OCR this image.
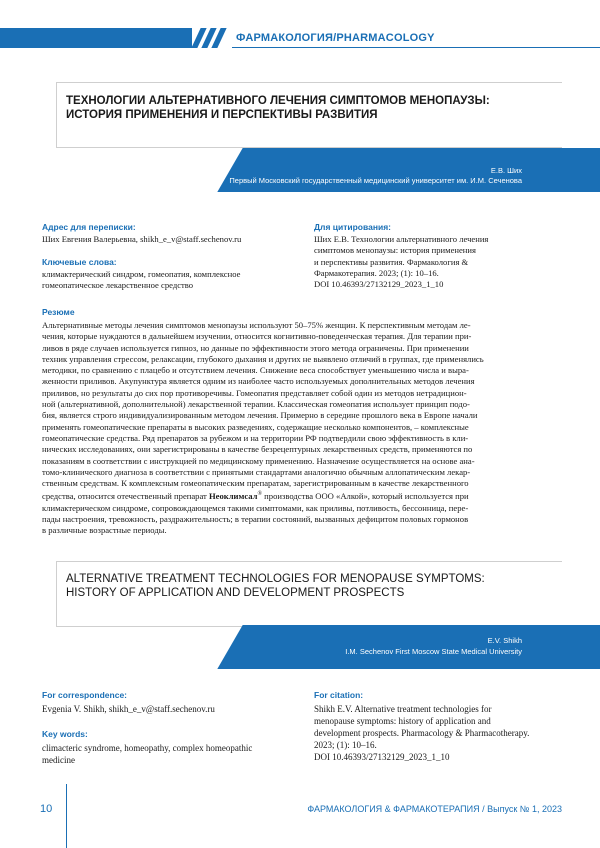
ФАРМАКОЛОГИЯ/PHARMACOLOGY
ТЕХНОЛОГИИ АЛЬТЕРНАТИВНОГО ЛЕЧЕНИЯ СИМПТОМОВ МЕНОПАУЗЫ:
ИСТОРИЯ ПРИМЕНЕНИЯ И ПЕРСПЕКТИВЫ РАЗВИТИЯ
Е.В. Ших
Первый Московский государственный медицинский университет им. И.М. Сеченова
Адрес для переписки:
Ших Евгения Валерьевна, shikh_e_v@staff.sechenov.ru
Ключевые слова:
климактерический синдром, гомеопатия, комплексное
гомеопатическое лекарственное средство
Для цитирования:
Ших Е.В. Технологии альтернативного лечения
симптомов менопаузы: история применения
и перспективы развития. Фармакология &
Фармакотерапия. 2023; (1): 10–16.
DOI 10.46393/27132129_2023_1_10
Резюме
Альтернативные методы лечения симптомов менопаузы используют 50–75% женщин. К перспективным методам ле-
чения, которые нуждаются в дальнейшем изучении, относится когнитивно-поведенческая терапия. Для терапии при-
ливов в ряде случаев используется гипноз, но данные по эффективности этого метода ограничены. При применении
техник управления стрессом, релаксации, глубокого дыхания и других не выявлено отличий в группах, где применялись
методики, по сравнению с плацебо и отсутствием лечения. Снижение веса способствует уменьшению числа и выра-
женности приливов. Акупунктура является одним из наиболее часто используемых дополнительных методов лечения
приливов, но результаты до сих пор противоречивы. Гомеопатия представляет собой один из методов нетрадицион-
ной (альтернативной, дополнительной) лекарственной терапии. Классическая гомеопатия использует принцип подо-
бия, является строго индивидуализированным методом лечения. Примерно в середине прошлого века в Европе начали
применять гомеопатические препараты в высоких разведениях, содержащие несколько компонентов, – комплексные
гомеопатические средства. Ряд препаратов за рубежом и на территории РФ подтвердили свою эффективность в кли-
нических исследованиях, они зарегистрированы в качестве безрецептурных лекарственных средств, применяются по
показаниям в соответствии с инструкцией по медицинскому применению. Назначение осуществляется на основе ана-
томо-клинического диагноза в соответствии с принятыми стандартами аналогично обычным аллопатическим лекар-
ственным средствам. К комплексным гомеопатическим препаратам, зарегистрированным в качестве лекарственного
средства, относится отечественный препарат Неоклимсал® производства ООО «Алкой», который используется при
климактерическом синдроме, сопровождающемся такими симптомами, как приливы, потливость, бессонница, пере-
пады настроения, тревожность, раздражительность; в терапии состояний, вызванных дефицитом половых гормонов
в различные возрастные периоды.
ALTERNATIVE TREATMENT TECHNOLOGIES FOR MENOPAUSE SYMPTOMS:
HISTORY OF APPLICATION AND DEVELOPMENT PROSPECTS
E.V. Shikh
I.M. Sechenov First Moscow State Medical University
For correspondence:
Evgenia V. Shikh, shikh_e_v@staff.sechenov.ru
Key words:
climacteric syndrome, homeopathy, complex homeopathic
medicine
For citation:
Shikh E.V. Alternative treatment technologies for
menopause symptoms: history of application and
development prospects. Pharmacology & Pharmacotherapy.
2023; (1): 10–16.
DOI 10.46393/27132129_2023_1_10
10	ФАРМАКОЛОГИЯ & ФАРМАКОТЕРАПИЯ / Выпуск № 1, 2023
